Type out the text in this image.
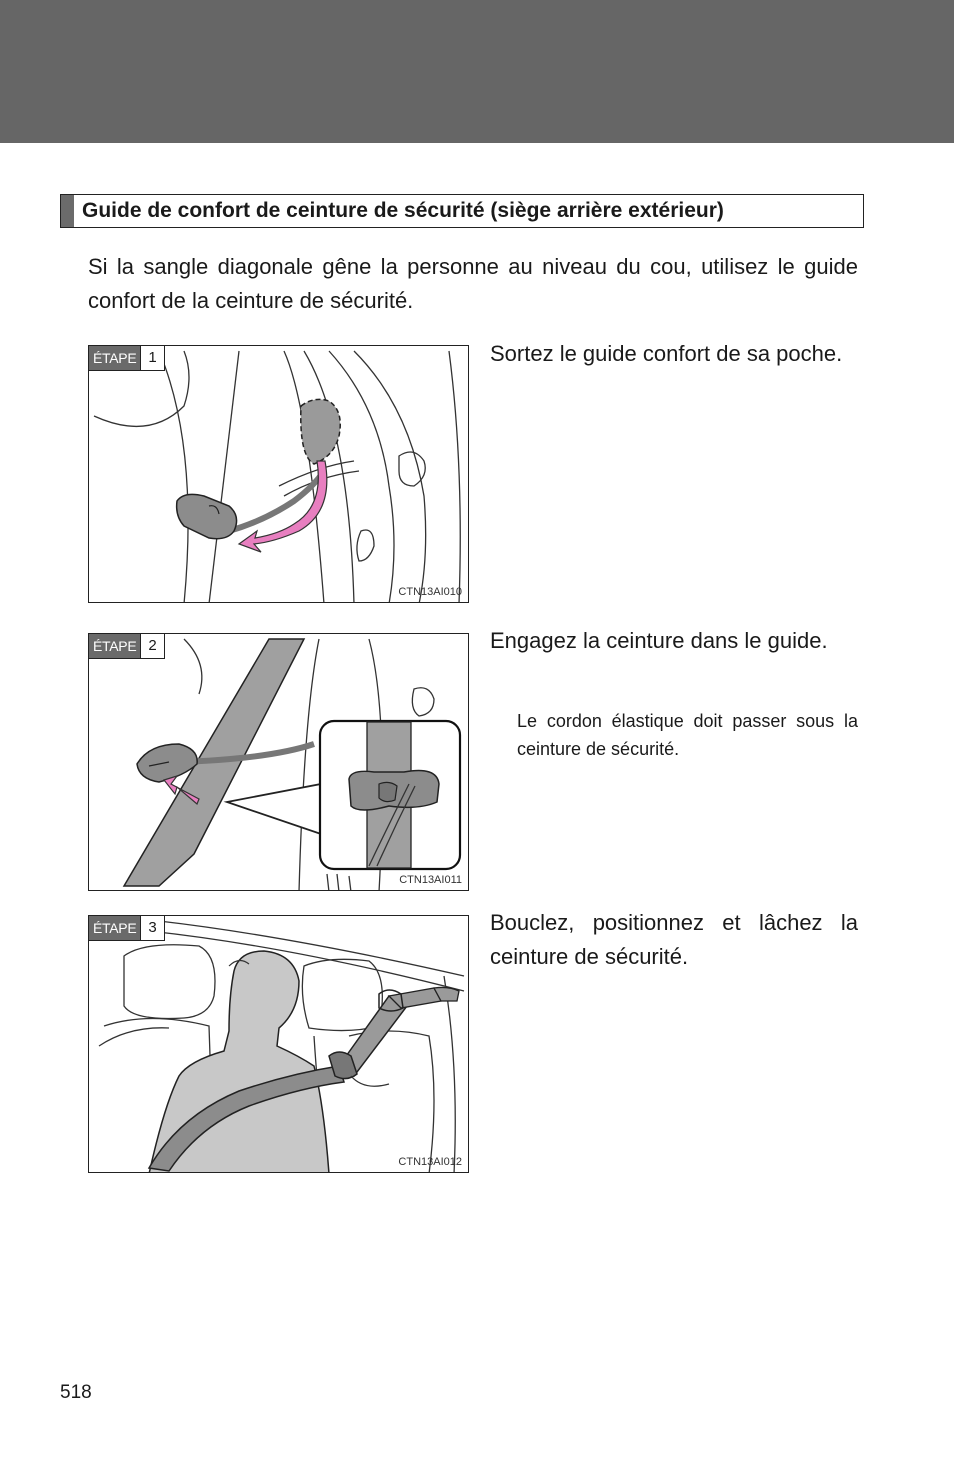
Guide de confort de ceinture de sécurité (siège arrière extérieur)
Si la sangle diagonale gêne la personne au niveau du cou, utilisez le guide confort de la ceinture de sécurité.
ÉTAPE 1
CTN13AI010
Sortez le guide confort de sa poche.
ÉTAPE 2
CTN13AI011
Engagez la ceinture dans le guide.
Le cordon élastique doit passer sous la ceinture de sécurité.
ÉTAPE 3
CTN13AI012
Bouclez, positionnez et lâchez la ceinture de sécurité.
518
